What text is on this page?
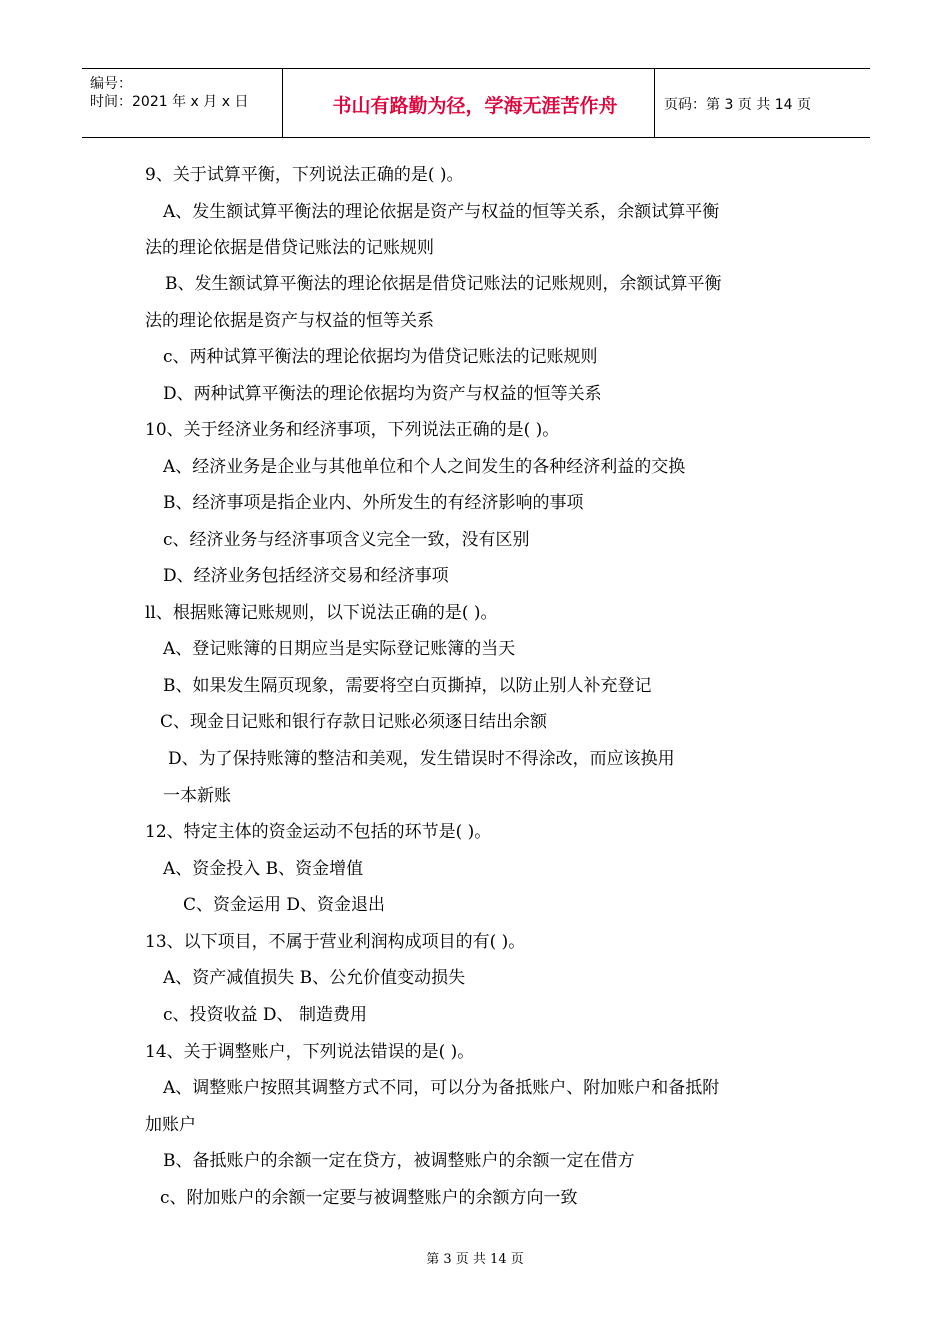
编号：
时间：2021 年 x 月 x 日	书山有路勤为径，学海无涯苦作舟	页码：第 3 页 共 14 页
9、关于试算平衡，下列说法正确的是( )。
A、发生额试算平衡法的理论依据是资产与权益的恒等关系，余额试算平衡
法的理论依据是借贷记账法的记账规则
B、发生额试算平衡法的理论依据是借贷记账法的记账规则，余额试算平衡
法的理论依据是资产与权益的恒等关系
c、两种试算平衡法的理论依据均为借贷记账法的记账规则
D、两种试算平衡法的理论依据均为资产与权益的恒等关系
10、关于经济业务和经济事项，下列说法正确的是( )。
A、经济业务是企业与其他单位和个人之间发生的各种经济利益的交换
B、经济事项是指企业内、外所发生的有经济影响的事项
c、经济业务与经济事项含义完全一致，没有区别
D、经济业务包括经济交易和经济事项
ll、根据账簿记账规则，以下说法正确的是( )。
A、登记账簿的日期应当是实际登记账簿的当天
B、如果发生隔页现象，需要将空白页撕掉，以防止别人补充登记
C、现金日记账和银行存款日记账必须逐日结出余额
D、为了保持账簿的整洁和美观，发生错误时不得涂改，而应该换用
一本新账
12、特定主体的资金运动不包括的环节是( )。
A、资金投入 B、资金增值
C、资金运用 D、资金退出
13、以下项目，不属于营业利润构成项目的有( )。
A、资产减值损失 B、公允价值变动损失
c、投资收益 D、 制造费用
14、关于调整账户，下列说法错误的是( )。
A、调整账户按照其调整方式不同，可以分为备抵账户、附加账户和备抵附
加账户
B、备抵账户的余额一定在贷方，被调整账户的余额一定在借方
c、附加账户的余额一定要与被调整账户的余额方向一致
第 3 页 共 14 页
